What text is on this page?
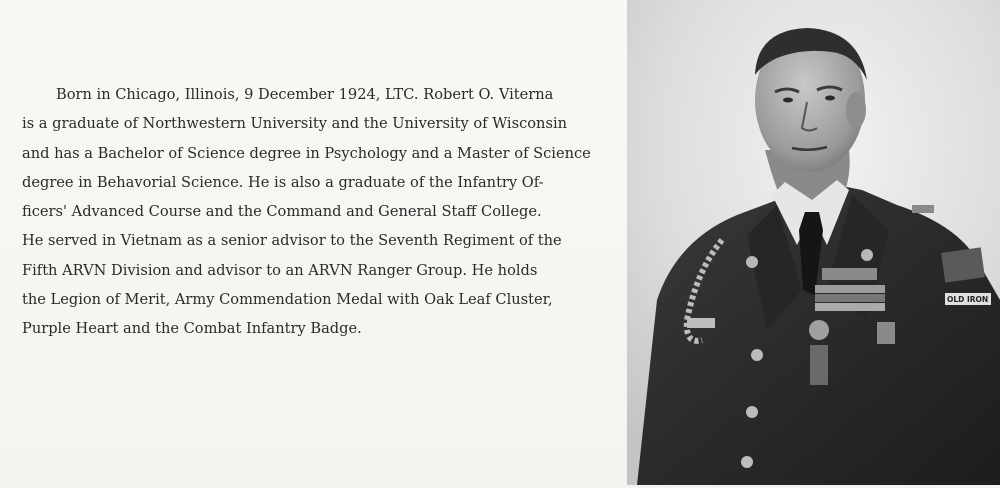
Born in Chicago, Illinois, 9 December 1924, LTC. Robert O. Viterna
is a graduate of Northwestern University and the University of Wisconsin
and has a Bachelor of Science degree in Psychology and a Master of Science
degree in Behavorial Science. He is also a graduate of the Infantry Of-
ficers' Advanced Course and the Command and General Staff College.
He served in Vietnam as a senior advisor to the Seventh Regiment of the
Fifth ARVN Division and advisor to an ARVN Ranger Group. He holds
the Legion of Merit, Army Commendation Medal with Oak Leaf Cluster,
Purple Heart and the Combat Infantry Badge.
OLD IRON
